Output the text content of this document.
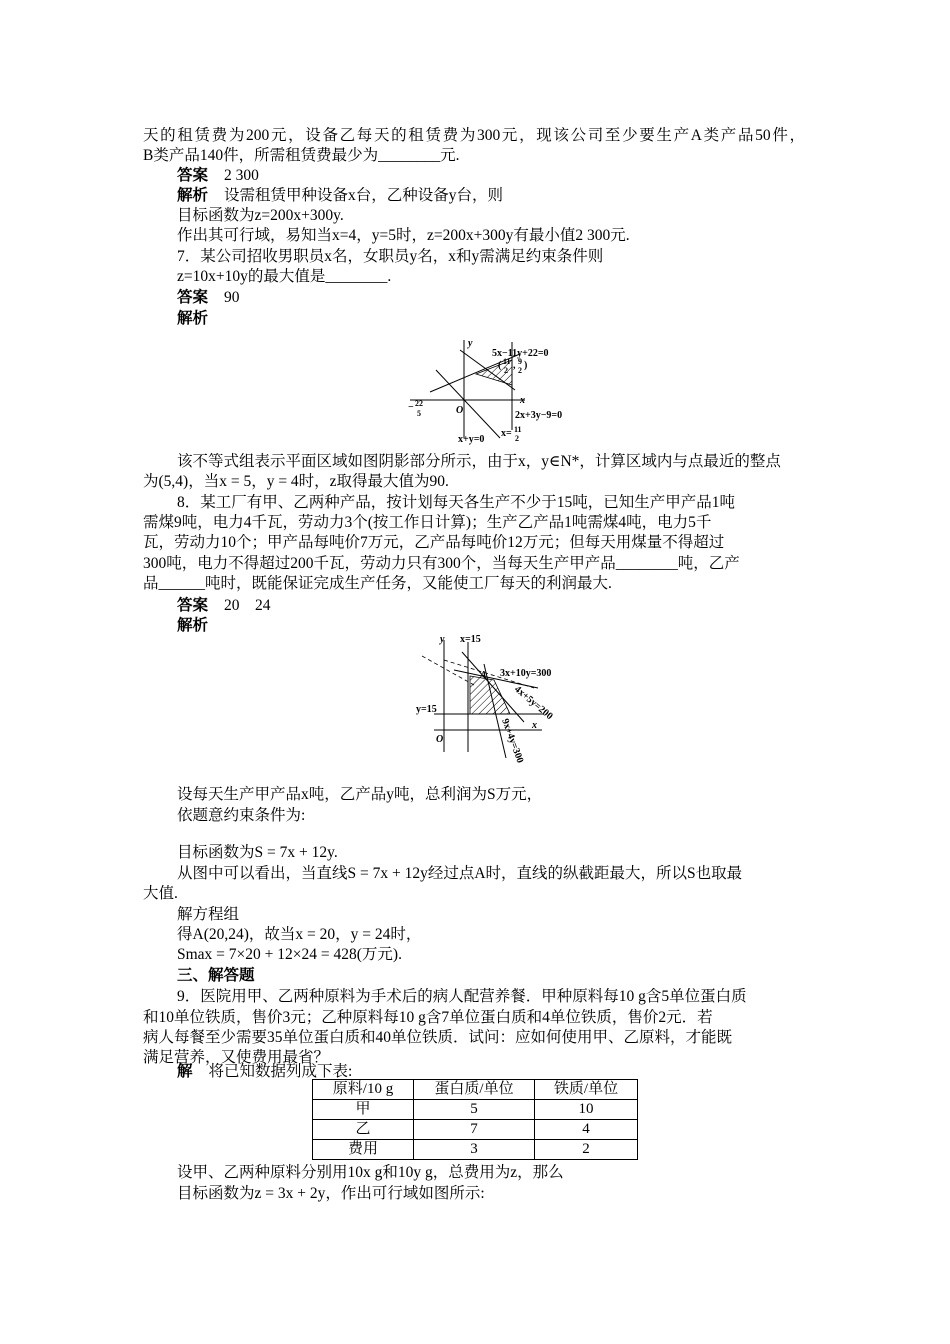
天的租赁费为200元，设备乙每天的租赁费为300元，现该公司至少要生产A类产品50件，
B类产品140件，所需租赁费最少为________元.
答案 2 300
解析 设需租赁甲种设备x台，乙种设备y台，则
目标函数为z=200x+300y.
作出其可行域，易知当x=4，y=5时，z=200x+300y有最小值2 300元.
7．某公司招收男职员x名，女职员y名，x和y需满足约束条件则
z=10x+10y的最大值是________.
答案 90
解析
y
x
O
5x−11y+22=0
( 11
2 , 9
2 )
2x+3y−9=0
− 22
5
x+y=0
x= 11
2
该不等式组表示平面区域如图阴影部分所示，由于x，y∈N*，计算区域内与点最近的整点
为(5,4)，当x = 5，y = 4时，z取得最大值为90.
8．某工厂有甲、乙两种产品，按计划每天各生产不少于15吨，已知生产甲产品1吨
需煤9吨，电力4千瓦，劳动力3个(按工作日计算)；生产乙产品1吨需煤4吨，电力5千
瓦，劳动力10个；甲产品每吨价7万元，乙产品每吨价12万元；但每天用煤量不得超过
300吨，电力不得超过200千瓦，劳动力只有300个，当每天生产甲产品________吨，乙产
品______吨时，既能保证完成生产任务，又能使工厂每天的利润最大.
答案 20　24
解析
y x=15
A 3x+10y=300
4x+5y=200
9x+4y=300
y=15
O
x
设每天生产甲产品x吨，乙产品y吨，总利润为S万元，
依题意约束条件为:
目标函数为S = 7x + 12y.
从图中可以看出，当直线S = 7x + 12y经过点A时，直线的纵截距最大，所以S也取最
大值.
解方程组
得A(20,24)，故当x = 20，y = 24时，
Smax = 7×20 + 12×24 = 428(万元).
三、解答题
9．医院用甲、乙两种原料为手术后的病人配营养餐．甲种原料每10 g含5单位蛋白质
和10单位铁质，售价3元；乙种原料每10 g含7单位蛋白质和4单位铁质，售价2元．若
病人每餐至少需要35单位蛋白质和40单位铁质．试问：应如何使用甲、乙原料，才能既
满足营养，又使费用最省？
解 将已知数据列成下表:
原料/10 g	蛋白质/单位	铁质/单位
甲	5	10
乙	7	4
费用	3	2
设甲、乙两种原料分别用10x g和10y g，总费用为z，那么
目标函数为z = 3x + 2y，作出可行域如图所示:
